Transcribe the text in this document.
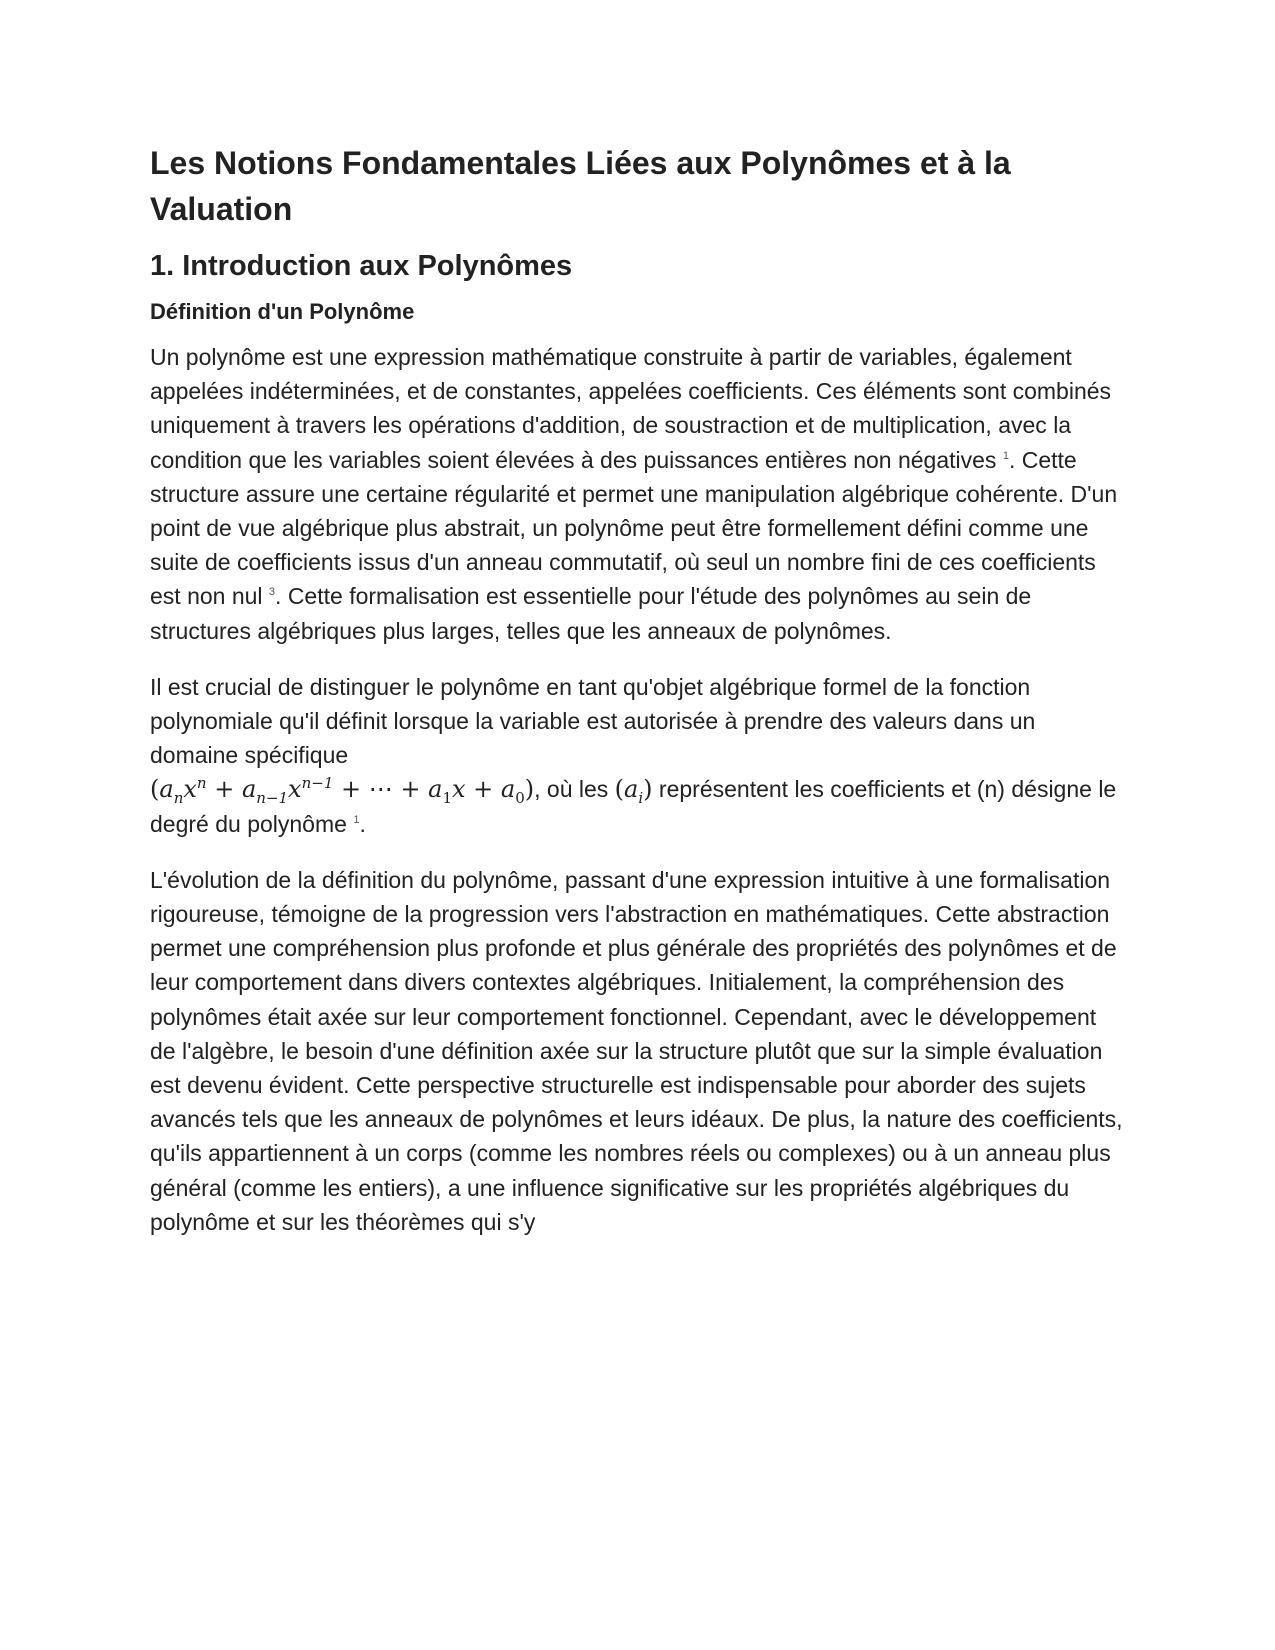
Les Notions Fondamentales Liées aux Polynômes et à la Valuation
1. Introduction aux Polynômes
Définition d'un Polynôme

Un polynôme est une expression mathématique construite à partir de variables, également appelées indéterminées, et de constantes, appelées coefficients. Ces éléments sont combinés uniquement à travers les opérations d'addition, de soustraction et de multiplication, avec la condition que les variables soient élevées à des puissances entières non négatives $^1$. Cette structure assure une certaine régularité et permet une manipulation algébrique cohérente. D'un point de vue algébrique plus abstrait, un polynôme peut être formellement défini comme une suite de coefficients issus d'un anneau commutatif, où seul un nombre fini de ces coefficients est non nul $^3$. Cette formalisation est essentielle pour l'étude des polynômes au sein de structures algébriques plus larges, telles que les anneaux de polynômes.

Il est crucial de distinguer le polynôme en tant qu'objet algébrique formel de la fonction polynomiale qu'il définit lorsque la variable est autorisée à prendre des valeurs dans un domaine spécifique
($a_nx^n + a_{n-1}x^{n-1}$ + ⋯ + $a_1x + a_0$), où les $(a_i)$ représentent les coefficients et (n) désigne le degré du polynôme $^1$.

L'évolution de la définition du polynôme, passant d'une expression intuitive à une formalisation rigoureuse, témoigne de la progression vers l'abstraction en mathématiques. Cette abstraction permet une compréhension plus profonde et plus générale des propriétés des polynômes et de leur comportement dans divers contextes algébriques. Initialement, la compréhension des polynômes était axée sur leur comportement fonctionnel. Cependant, avec le développement de l'algèbre, le besoin d'une définition axée sur la structure plutôt que sur la simple évaluation est devenu évident. Cette perspective structurelle est indispensable pour aborder des sujets avancés tels que les anneaux de polynômes et leurs idéaux. De plus, la nature des coefficients, qu'ils appartiennent à un corps (comme les nombres réels ou complexes) ou à un anneau plus général (comme les entiers), a une influence significative sur les propriétés algébriques du polynôme et sur les théorèmes qui s'y
